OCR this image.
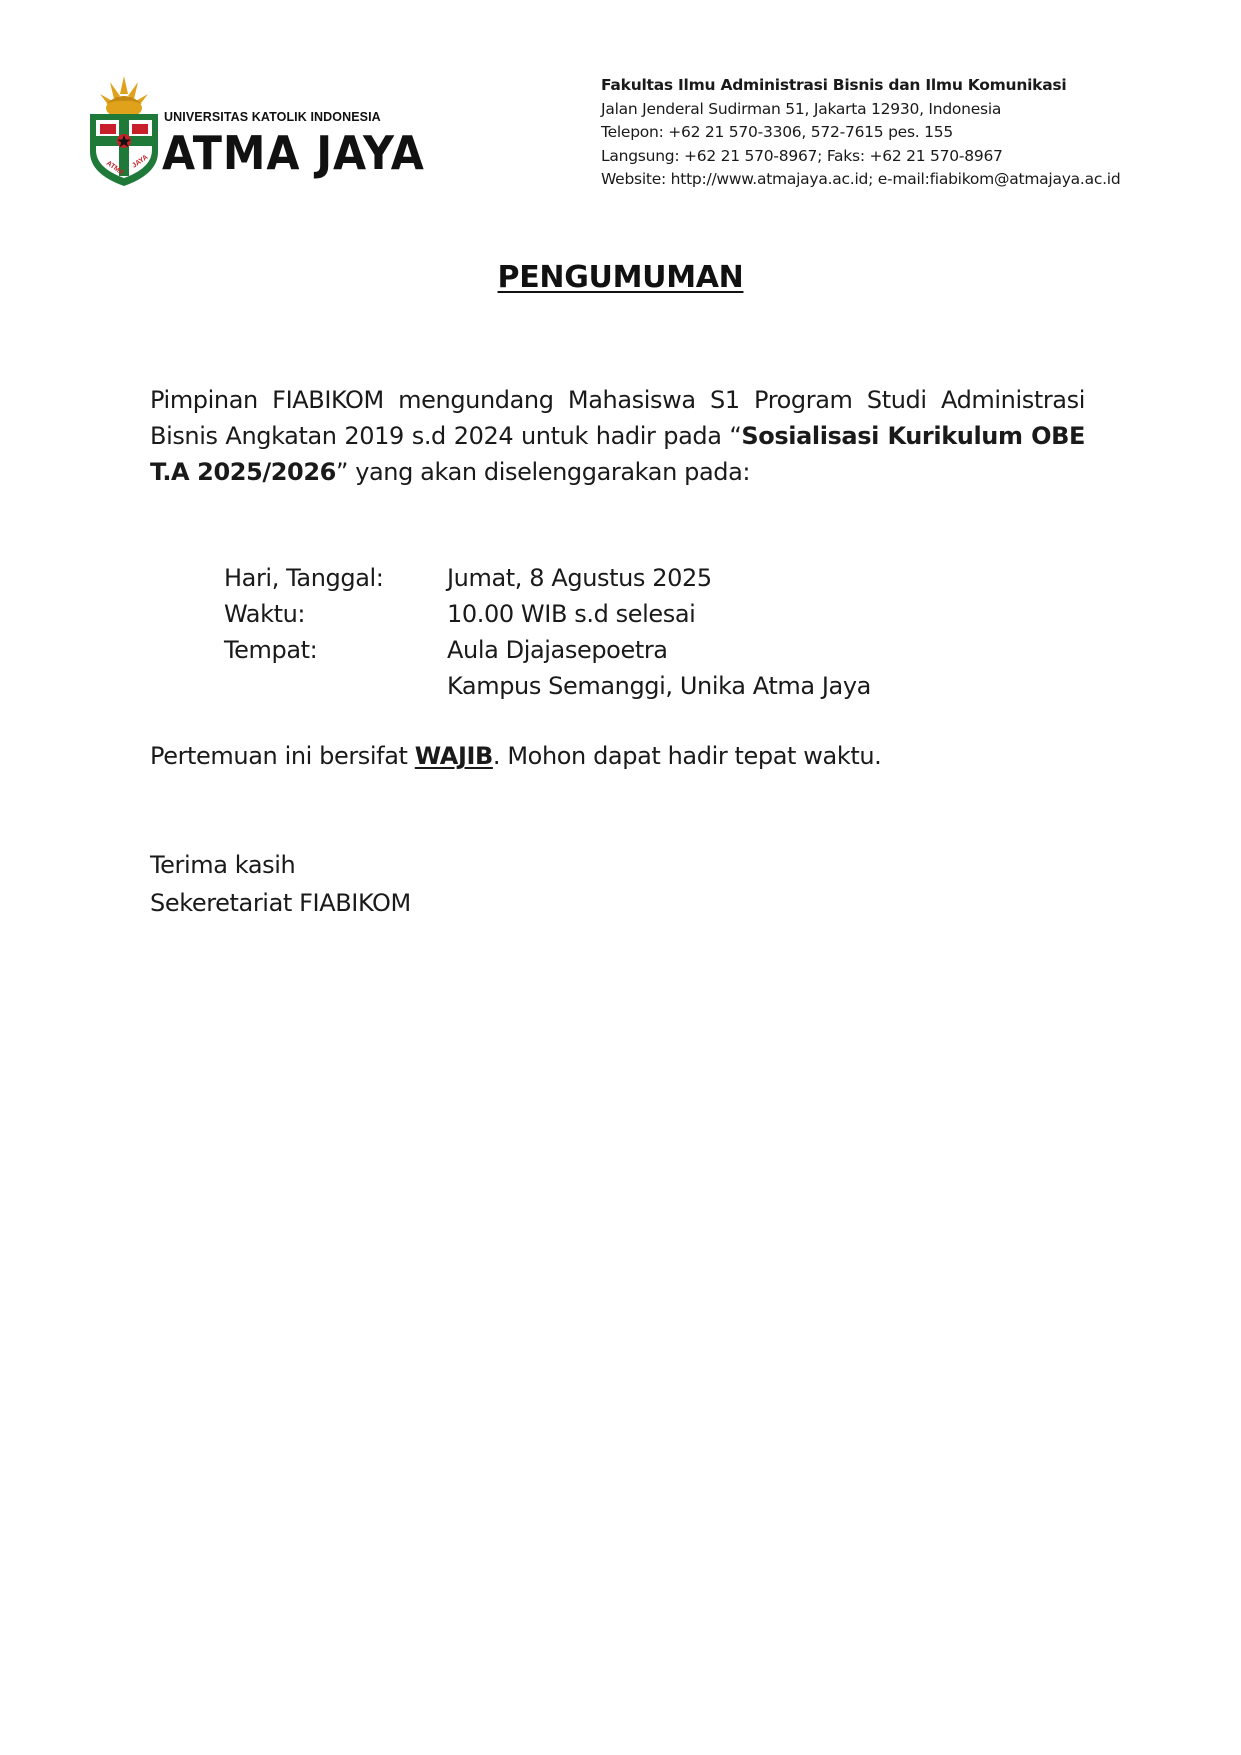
ATMA JAYA
UNIVERSITAS KATOLIK INDONESIA
ATMA JAYA
Fakultas Ilmu Administrasi Bisnis dan Ilmu Komunikasi
Jalan Jenderal Sudirman 51, Jakarta 12930, Indonesia
Telepon: +62 21 570-3306, 572-7615 pes. 155
Langsung: +62 21 570-8967; Faks: +62 21 570-8967
Website: http://www.atmajaya.ac.id; e-mail:fiabikom@atmajaya.ac.id
PENGUMUMAN
Pimpinan FIABIKOM mengundang Mahasiswa S1 Program Studi Administrasi Bisnis Angkatan 2019 s.d 2024 untuk hadir pada “Sosialisasi Kurikulum OBE T.A 2025/2026” yang akan diselenggarakan pada:
Hari, Tanggal:	Jumat, 8 Agustus 2025
Waktu:	10.00 WIB s.d selesai
Tempat:	Aula Djajasepoetra
Kampus Semanggi, Unika Atma Jaya
Pertemuan ini bersifat WAJIB. Mohon dapat hadir tepat waktu.
Terima kasih
Sekeretariat FIABIKOM
